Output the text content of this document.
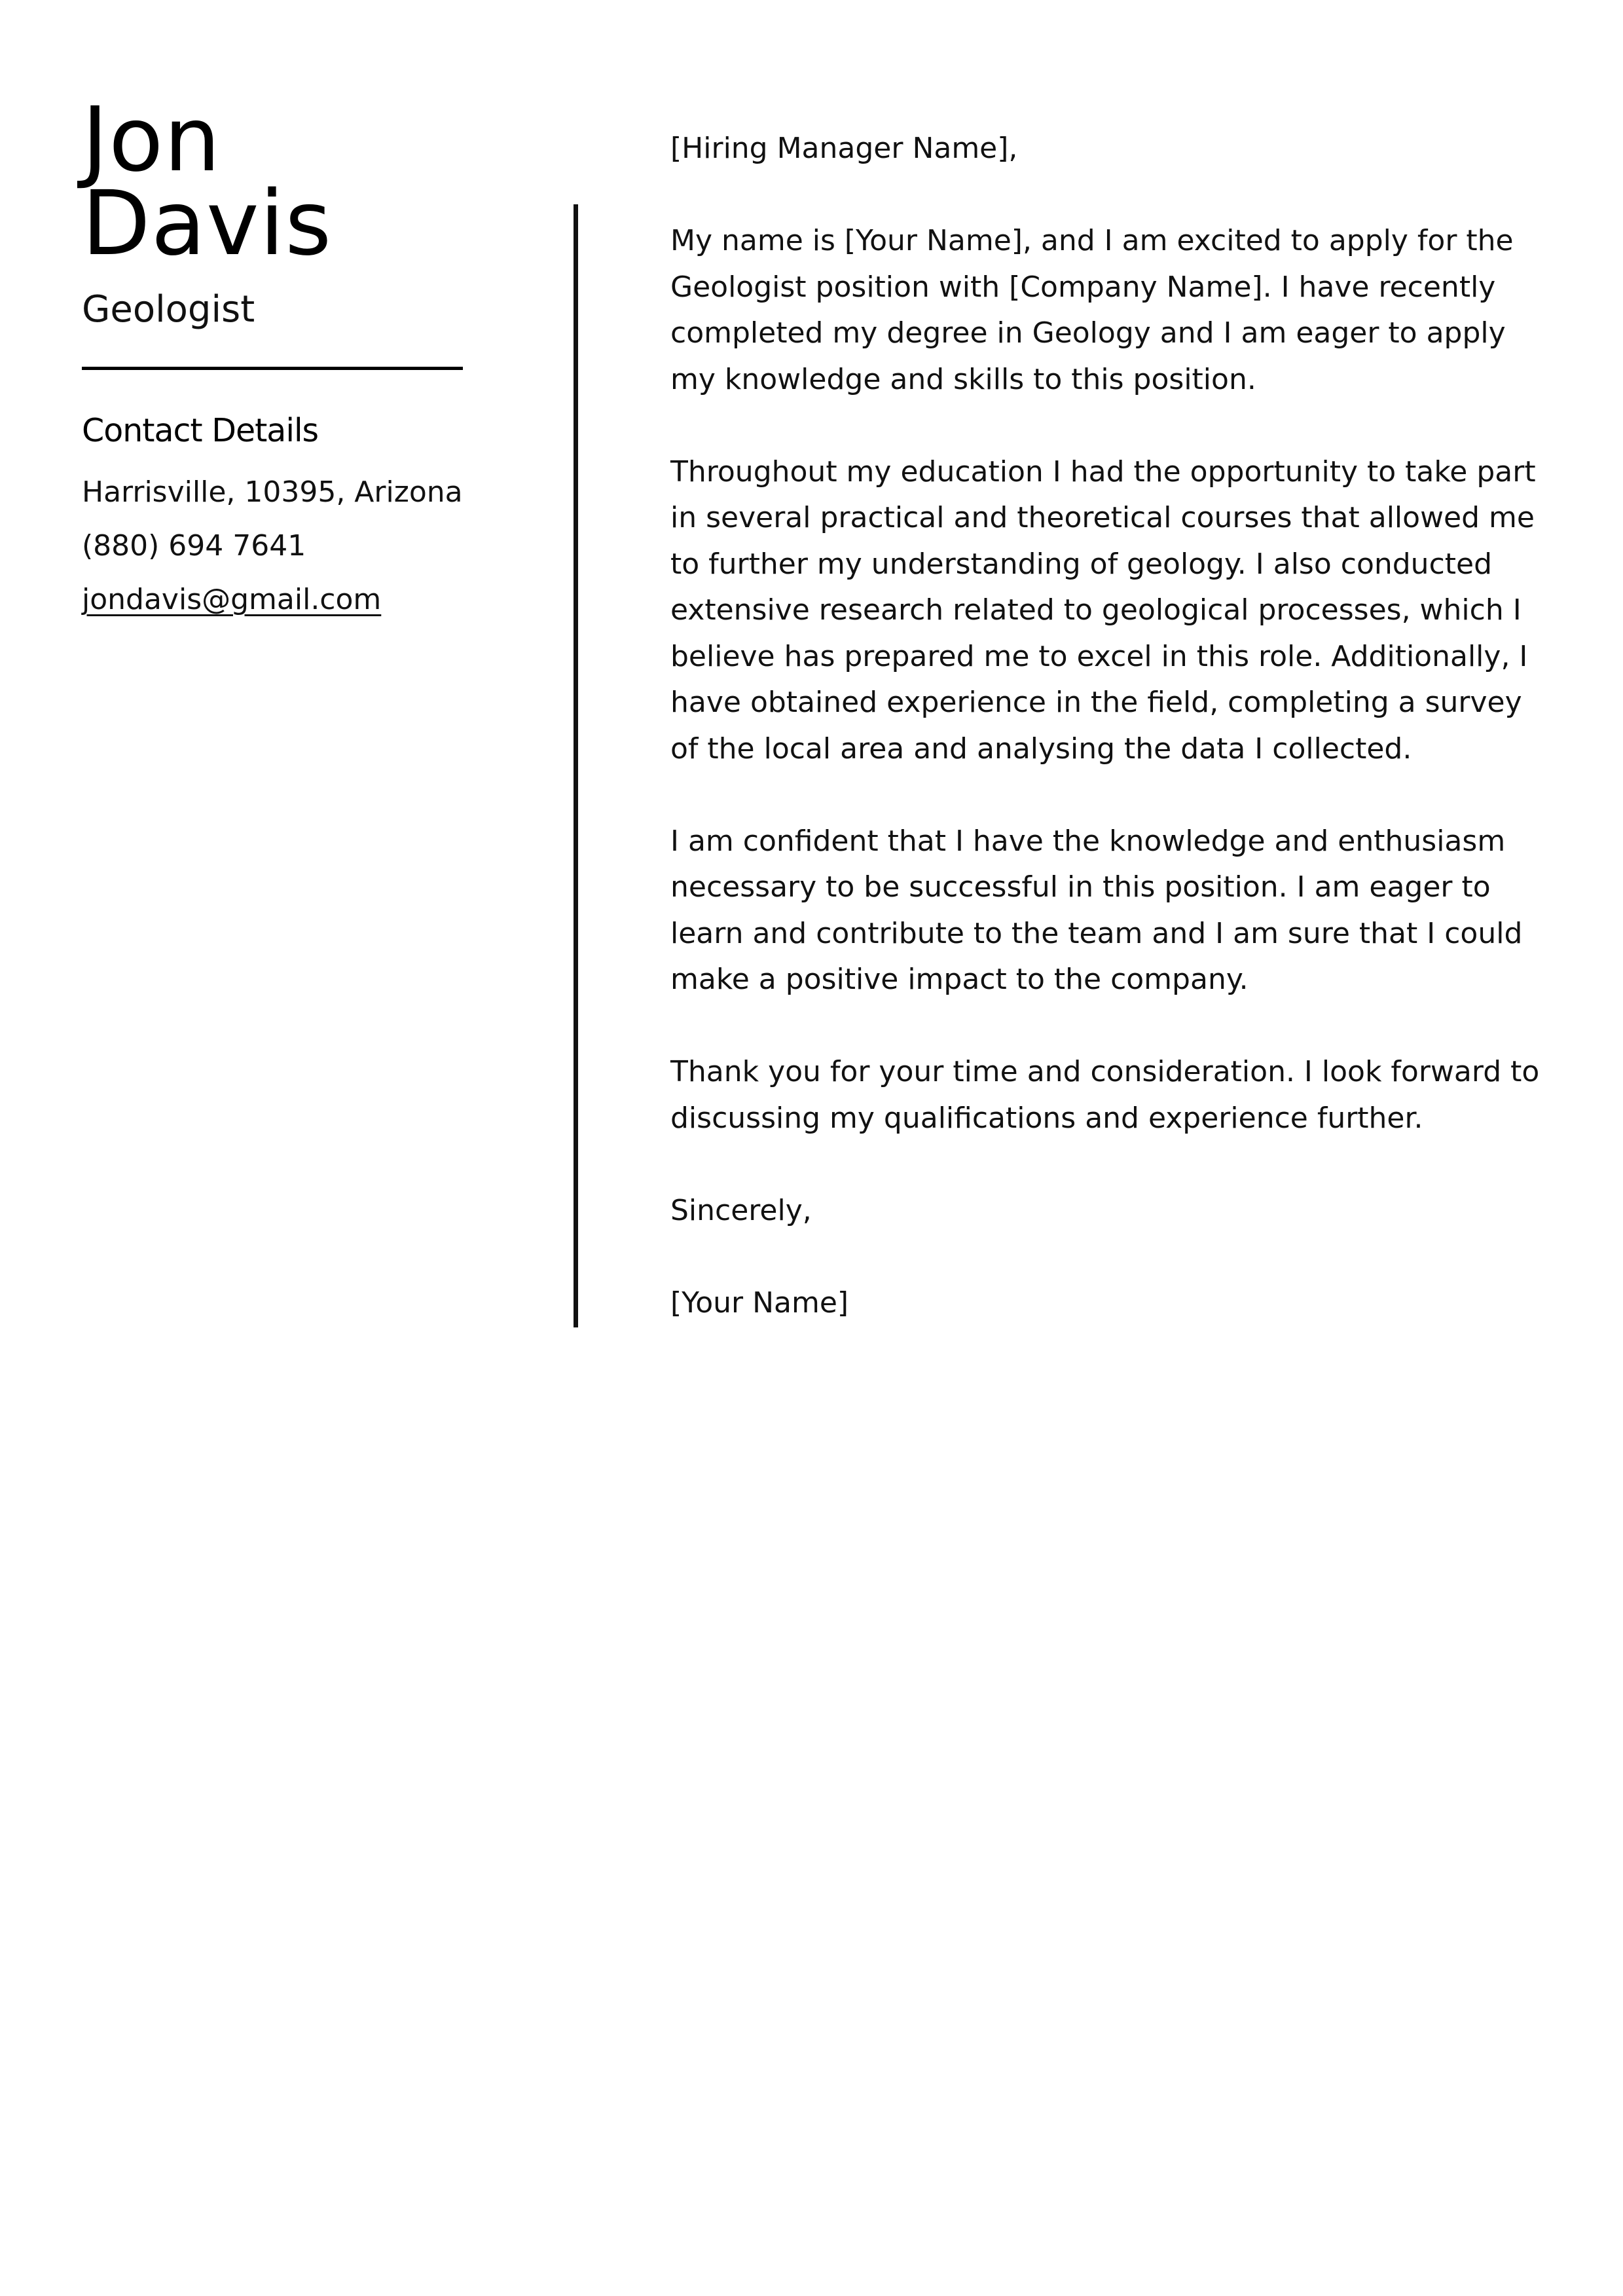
Jon
Davis
Geologist
Contact Details
Harrisville, 10395, Arizona
(880) 694 7641
jondavis@gmail.com

[Hiring Manager Name],

My name is [Your Name], and I am excited to apply for the Geologist position with [Company Name]. I have recently completed my degree in Geology and I am eager to apply my knowledge and skills to this position.

Throughout my education I had the opportunity to take part in several practical and theoretical courses that allowed me to further my understanding of geology. I also conducted extensive research related to geological processes, which I believe has prepared me to excel in this role. Additionally, I have obtained experience in the field, completing a survey of the local area and analysing the data I collected.

I am confident that I have the knowledge and enthusiasm necessary to be successful in this position. I am eager to learn and contribute to the team and I am sure that I could make a positive impact to the company.

Thank you for your time and consideration. I look forward to discussing my qualifications and experience further.

Sincerely,

[Your Name]
